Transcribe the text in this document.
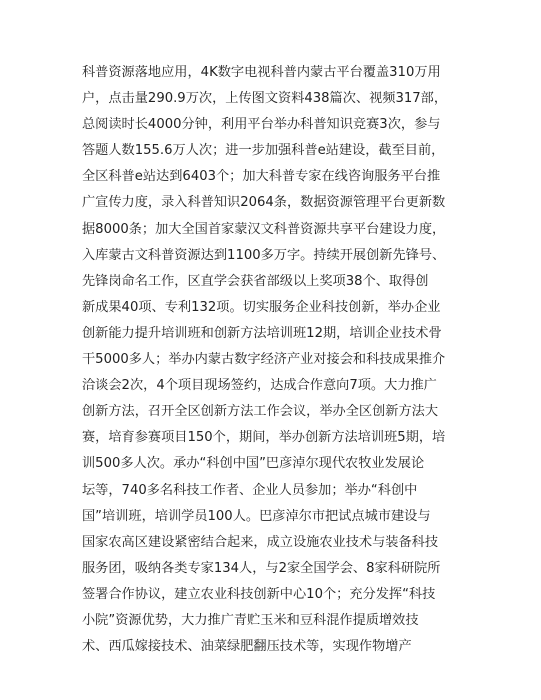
科普资源落地应用，4K数字电视科普内蒙古平台覆盖310万用
户，点击量290.9万次，上传图文资料438篇次、视频317部，
总阅读时长4000分钟，利用平台举办科普知识竞赛3次，参与
答题人数155.6万人次；进一步加强科普e站建设，截至目前，
全区科普e站达到6403个；加大科普专家在线咨询服务平台推
广宣传力度，录入科普知识2064条，数据资源管理平台更新数
据8000条；加大全国首家蒙汉文科普资源共享平台建设力度，
入库蒙古文科普资源达到1100多万字。持续开展创新先锋号、
先锋岗命名工作，区直学会获省部级以上奖项38个、取得创
新成果40项、专利132项。切实服务企业科技创新，举办企业
创新能力提升培训班和创新方法培训班12期，培训企业技术骨
干5000多人；举办内蒙古数字经济产业对接会和科技成果推介
洽谈会2次，4个项目现场签约，达成合作意向7项。大力推广
创新方法，召开全区创新方法工作会议，举办全区创新方法大
赛，培育参赛项目150个，期间，举办创新方法培训班5期，培
训500多人次。承办“科创中国”巴彦淖尔现代农牧业发展论
坛等，740多名科技工作者、企业人员参加；举办“科创中
国”培训班，培训学员100人。巴彦淖尔市把试点城市建设与
国家农高区建设紧密结合起来，成立设施农业技术与装备科技
服务团，吸纳各类专家134人，与2家全国学会、8家科研院所
签署合作协议，建立农业科技创新中心10个；充分发挥“科技
小院”资源优势，大力推广青贮玉米和豆科混作提质增效技
术、西瓜嫁接技术、油菜绿肥翻压技术等，实现作物增产
